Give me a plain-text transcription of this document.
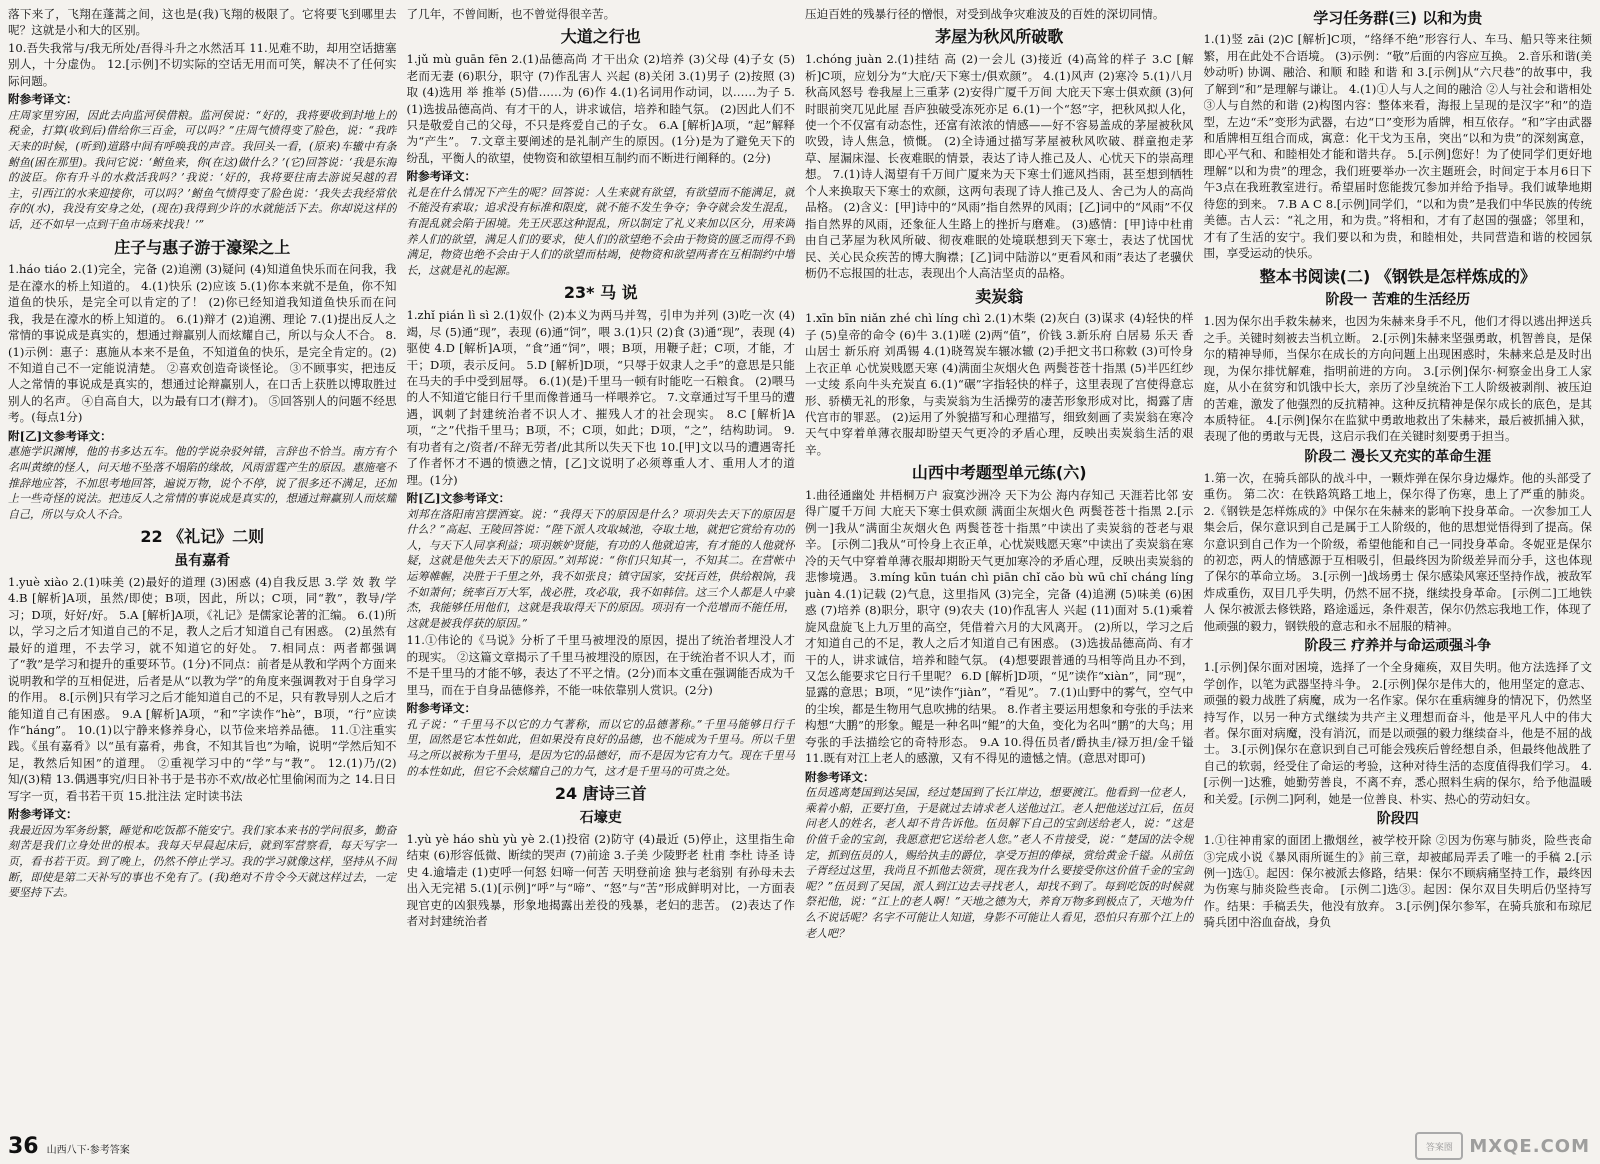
落下来了，飞翔在蓬蒿之间，这也是(我)飞翔的极限了。它将要飞到哪里去呢？这就是小和大的区别。

10.吾失我常与/我无所处/吾得斗升之水然活耳 11.见难不助，却用空话搪塞别人，十分虚伪。 12.[示例]不切实际的空话无用而可笑，解决不了任何实际问题。

附参考译文：

庄周家里穷困，因此去向监河侯借粮。监河侯说：“好的，我将要收到封地上的税金，打算(收到后)借给你三百金，可以吗？”庄周气愤得变了脸色，说：“我昨天来的时候，(听到)道路中间有呼唤我的声音。我回头一看，(原来)车辙中有条鲋鱼(困在那里)。我问它说：‘鲋鱼来，你(在这)做什么？’(它)回答说：‘我是东海的波臣。你有升斗的水救活我吗？’我说：‘好的，我将要往南去游说吴越的君主，引西江的水来迎接你，可以吗？’鲋鱼气愤得变了脸色说：‘我失去我经常依存的(水)，我没有安身之处，(现在)我得到少许的水就能活下去。你却说这样的话，还不如早一点到干鱼市场来找我！’”

庄子与惠子游于濠梁之上

1.háo tiáo 2.(1)完全，完备 (2)追溯 (3)疑问 (4)知道鱼快乐而在问我，我是在濠水的桥上知道的。 4.(1)快乐 (2)应该 5.(1)你本来就不是鱼，你不知道鱼的快乐，是完全可以肯定的了！ (2)你已经知道我知道鱼快乐而在问我，我是在濠水的桥上知道的。 6.(1)辩才 (2)追溯、理论 7.(1)提出反人之常情的事说成是真实的，想通过辩赢别人而炫耀自己，所以与众人不合。 8.(1)示例：惠子：惠施从本来不是鱼，不知道鱼的快乐，是完全肯定的。(2)不知道自己不一定能说清楚。 ②喜欢创造奇谈怪论。 ③不顾事实，把违反人之常情的事说成是真实的，想通过论辩赢别人，在口舌上获胜以博取胜过别人的名声。 ④自高自大，以为最有口才(辩才)。 ⑤回答别人的问题不经思考。(每点1分)

附[乙]文参考译文：

惠施学识渊博，他的书多达五车。他的学说杂驳舛错，言辞也不恰当。南方有个名叫黄缭的怪人，问天地不坠落不塌陷的缘故，风雨雷霆产生的原因。惠施毫不推辞地应答，不加思考地回答，遍说万物，说个不停，说了很多还不满足，还加上一些奇怪的说法。把违反人之常情的事说成是真实的，想通过辩赢别人而炫耀自己，所以与众人不合。

22 《礼记》二则
虽有嘉肴

1.yuè xiào 2.(1)味美 (2)最好的道理 (3)困惑 (4)自我反思 3.学 效 教 学 4.B [解析]A项，虽然/即使；B项，因此，所以；C项，同“教”，教导/学习；D项，好好/好。 5.A [解析]A项，《礼记》是儒家论著的汇编。 6.(1)所以，学习之后才知道自己的不足，教人之后才知道自己有困惑。 (2)虽然有最好的道理，不去学习，就不知道它的好处。 7.相同点：两者都强调了“教”是学习和提升的重要环节。(1分)不同点：前者是从教和学两个方面来说明教和学的互相促进，后者是从“以教为学”的角度来强调教对于自身学习的作用。 8.[示例]只有学习之后才能知道自己的不足，只有教导别人之后才能知道自己有困惑。 9.A [解析]A项，“和”字读作“hè”，B项，“行”应读作“háng”。 10.(1)以宁静来修养身心，以节俭来培养品德。 11.①注重实践。《虽有嘉肴》以“虽有嘉肴，弗食，不知其旨也”为喻，说明“学然后知不足，教然后知困”的道理。 ②重视学习中的“学”与“教”。 12.(1)乃/(2)知/(3)精 13.偶遇事究/归日补书于是书亦不欢/故必忙里偷闲而为之 14.日日写字一页，看书若干页 15.批注法 定时读书法

附参考译文：

我最近因为军务纷繁，睡觉和吃饭都不能安宁。我们家本来书的学问很多，勤奋刻苦是我们立身处世的根本。我每天早晨起床后，就到军营察看，每天写字一页，看书若干页。到了晚上，仍然不停止学习。我的学习就像这样，坚持从不间断，即使是第二天补写的事也不免有了。(我)绝对不肯令今天就这样过去，一定要坚持下去。

了几年，不曾间断，也不曾觉得很辛苦。

大道之行也

1.jǔ mù guān fēn 2.(1)品德高尚 才干出众 (2)培养 (3)父母 (4)子女 (5)老而无妻 (6)职分，职守 (7)作乱害人 兴起 (8)关闭 3.(1)男子 (2)按照 (3)取 (4)选用 举 推举 (5)借……为 (6)作 4.(1)名词用作动词，以……为子 5.(1)选拔品德高尚、有才干的人，讲求诚信，培养和睦气氛。 (2)因此人们不只是敬爱自己的父母，不只是疼爱自己的子女。 6.A [解析]A项，“起”解释为“产生”。 7.文章主要阐述的是礼制产生的原因。(1分)是为了避免天下的纷乱，平衡人的欲望，使物资和欲望相互制约而不断进行阐释的。(2分)

附参考译文：

礼是在什么情况下产生的呢？回答说：人生来就有欲望，有欲望而不能满足，就不能没有索取；追求没有标准和限度，就不能不发生争夺；争夺就会发生混乱，有混乱就会陷于困境。先王厌恶这种混乱，所以制定了礼义来加以区分，用来调养人们的欲望，满足人们的要求，使人们的欲望绝不会由于物资的匮乏而得不到满足，物资也绝不会由于人们的欲望而枯竭，使物资和欲望两者在互相制约中增长，这就是礼的起源。

23* 马 说

1.zhǐ pián lì sì 2.(1)奴仆 (2)本义为两马并驾，引申为并列 (3)吃一次 (4)竭，尽 (5)通“现”，表现 (6)通“饲”，喂 3.(1)只 (2)食 (3)通“现”，表现 (4)驱使 4.D [解析]A项，“食”通“饲”，喂；B项，用鞭子赶；C项，才能，才干；D项，表示反问。 5.D [解析]D项，“只辱于奴隶人之手”的意思是只能在马夫的手中受到屈辱。 6.(1)(是)千里马一顿有时能吃一石粮食。 (2)喂马的人不知道它能日行千里而像普通马一样喂养它。 7.文章通过写千里马的遭遇，讽刺了封建统治者不识人才、摧残人才的社会现实。 8.C [解析]A项，“之”代指千里马；B项，不；C项，如此；D项，“之”，结构助词。 9.有功者有之/资者/不辞无劳者/此其所以失天下也 10.[甲]文以马的遭遇寄托了作者怀才不遇的愤懑之情，[乙]文说明了必须尊重人才、重用人才的道理。(1分)

附[乙]文参考译文：

刘邦在洛阳南宫摆酒宴。说：“我得天下的原因是什么？项羽失去天下的原因是什么？”高起、王陵回答说：“陛下派人攻取城池，夺取土地，就把它赏给有功的人，与天下人同享利益；项羽嫉妒贤能，有功的人他就迫害，有才能的人他就怀疑，这就是他失去天下的原因。”刘邦说：“你们只知其一，不知其二。在营帐中运筹帷幄，决胜于千里之外，我不如张良；镇守国家，安抚百姓，供给粮饷，我不如萧何；统率百万大军，战必胜，攻必取，我不如韩信。这三个人都是人中豪杰，我能够任用他们，这就是我取得天下的原因。项羽有一个范增而不能任用，这就是被我俘获的原因。”

11.①伟论的《马说》分析了千里马被埋没的原因，提出了统治者埋没人才的现实。 ②这篇文章揭示了千里马被埋没的原因，在于统治者不识人才，而不是千里马的才能不够，表达了不平之情。(2分)而本文重在强调能否成为千里马，而在于自身品德修养，不能一味依靠别人赏识。(2分)

附参考译文：

孔子说：“千里马不以它的力气著称，而以它的品德著称。”千里马能够日行千里，固然是它本性如此，但如果没有良好的品德，也不能成为千里马。所以千里马之所以被称为千里马，是因为它的品德好，而不是因为它有力气。现在千里马的本性如此，但它不会炫耀自己的力气，这才是千里马的可贵之处。

24 唐诗三首
石壕吏

1.yù yè háo shù yù yè 2.(1)投宿 (2)防守 (4)最近 (5)停止，这里指生命结束 (6)形容低微、断续的哭声 (7)前途 3.子美 少陵野老 杜甫 李杜 诗圣 诗史 4.逾墙走 (1)吏呼一何怒 妇啼一何苦 天明登前途 独与老翁别 有孙母未去 出入无完裙 5.(1)[示例]“呼”与“啼”、“怒”与“苦”形成鲜明对比，一方面表现官吏的凶狠残暴，形象地揭露出差役的残暴，老妇的悲苦。 (2)表达了作者对封建统治者

压迫百姓的残暴行径的憎恨，对受到战争灾难波及的百姓的深切同情。

茅屋为秋风所破歌

1.chóng juàn 2.(1)挂结 高 (2)一会儿 (3)接近 (4)高耸的样子 3.C [解析]C项，应划分为“大庇/天下寒士/俱欢颜”。 4.(1)风声 (2)寒冷 5.(1)八月秋高风怒号 卷我屋上三重茅 (2)安得广厦千万间 大庇天下寒士俱欢颜 (3)何时眼前突兀见此屋 吾庐独破受冻死亦足 6.(1)一个“怒”字，把秋风拟人化，使一个不仅富有动态性，还富有浓浓的情感——好不容易盖成的茅屋被秋风吹毁，诗人焦急，愤慨。 (2)全诗通过描写茅屋被秋风吹破、群童抱走茅草、屋漏床湿、长夜难眠的情景，表达了诗人推己及人、心忧天下的崇高理想。 7.(1)诗人渴望有千万间广厦来为天下寒士们遮风挡雨，甚至想到牺牲个人来换取天下寒士的欢颜，这两句表现了诗人推己及人、舍己为人的高尚品格。 (2)含义：[甲]诗中的“风雨”指自然界的风雨；[乙]词中的“风雨”不仅指自然界的风雨，还象征人生路上的挫折与磨难。 (3)感情：[甲]诗中杜甫由自己茅屋为秋风所破、彻夜难眠的处境联想到天下寒士，表达了忧国忧民、关心民众疾苦的博大胸襟；[乙]词中陆游以“更看风和雨”表达了老骥伏枥仍不忘报国的壮志，表现出个人高洁坚贞的品格。

卖炭翁

1.xīn bīn niǎn zhé chì líng chì 2.(1)木柴 (2)灰白 (3)谋求 (4)轻快的样子 (5)皇帝的命令 (6)牛 3.(1)嗟 (2)两“值”，价钱 3.新乐府 白居易 乐天 香山居士 新乐府 刘禹锡 4.(1)晓驾炭车辗冰辙 (2)手把文书口称敕 (3)可怜身上衣正单 心忧炭贱愿天寒 (4)满面尘灰烟火色 两鬓苍苍十指黑 (5)半匹红纱一丈绫 系向牛头充炭直 6.(1)“碾”字指轻快的样子，这里表现了宫使得意忘形、骄横无礼的形象，与卖炭翁为生活操劳的凄苦形象形成对比，揭露了唐代宫市的罪恶。 (2)运用了外貌描写和心理描写，细致刻画了卖炭翁在寒冷天气中穿着单薄衣服却盼望天气更冷的矛盾心理，反映出卖炭翁生活的艰辛。

山西中考题型单元练(六)

1.曲径通幽处 井梧桐万户 寂寞沙洲冷 天下为公 海内存知己 天涯若比邻 安得广厦千万间 大庇天下寒士俱欢颜 满面尘灰烟火色 两鬓苍苍十指黑 2.[示例一]我从“满面尘灰烟火色 两鬓苍苍十指黑”中读出了卖炭翁的苍老与艰辛。 [示例二]我从“可怜身上衣正单，心忧炭贱愿天寒”中读出了卖炭翁在寒冷的天气中穿着单薄衣服却期盼天气更加寒冷的矛盾心理，反映出卖炭翁的悲惨境遇。 3.míng kūn tuán chì piān chǐ cǎo bù wū chǐ cháng líng juàn 4.(1)记载 (2)气息，这里指风 (3)完全，完备 (4)追溯 (5)味美 (6)困惑 (7)培养 (8)职分，职守 (9)农夫 (10)作乱害人 兴起 (11)面对 5.(1)乘着旋风盘旋飞上九万里的高空，凭借着六月的大风离开。 (2)所以，学习之后才知道自己的不足，教人之后才知道自己有困惑。 (3)选拔品德高尚、有才干的人，讲求诚信，培养和睦气氛。 (4)想要跟普通的马相等尚且办不到，又怎么能要求它日行千里呢？ 6.D [解析]D项，“见”读作“xiàn”，同“现”，显露的意思；B项，“见”读作“jiàn”，“看见”。 7.(1)山野中的雾气，空气中的尘埃，都是生物用气息吹拂的结果。 8.作者主要运用想象和夸张的手法来构想“大鹏”的形象。鲲是一种名叫“鲲”的大鱼，变化为名叫“鹏”的大鸟；用夸张的手法描绘它的奇特形态。 9.A 10.得伍员者/爵执圭/禄万担/金千镒 11.既有对江上老人的感激，又有不得见的遗憾之情。(意思对即可)

附参考译文：

伍员逃离楚国到达吴国，经过楚国到了长江岸边，想要渡江。他看到一位老人，乘着小船，正要打鱼，于是就过去请求老人送他过江。老人把他送过江后，伍员问老人的姓名，老人却不肯告诉他。伍员解下自己的宝剑送给老人，说：“这是价值千金的宝剑，我愿意把它送给老人您。”老人不肯接受，说：“楚国的法令规定，抓到伍员的人，赐给执圭的爵位，享受万担的俸禄，赏给黄金千镒。从前伍子胥经过这里，我尚且不抓他去领赏，现在我为什么要接受你这价值千金的宝剑呢？”伍员到了吴国，派人到江边去寻找老人，却找不到了。每到吃饭的时候就祭祀他，说：“江上的老人啊！”天地之德为大，养育万物多到极点了，天地为什么不说话呢？名字不可能让人知道，身影不可能让人看见，恐怕只有那个江上的老人吧？

学习任务群(三) 以和为贵

1.(1)竖 zāi (2)C [解析]C项，“络绎不绝”形容行人、车马、船只等来往频繁，用在此处不合语境。 (3)示例：“敬”后面的内容应互换。 2.音乐和谐(美妙动听) 协调、融洽、和顺 和睦 和谐 和 3.[示例]从“六尺巷”的故事中，我了解到“和”是理解与谦让。 4.(1)①人与人之间的融洽 ②人与社会和谐相处 ③人与自然的和谐 (2)构图内容：整体来看，海报上呈现的是汉字“和”的造型，左边“禾”变形为武器，右边“口”变形为盾牌，相互依存。“和”字由武器和盾牌相互组合而成，寓意：化干戈为玉帛，突出“以和为贵”的深刻寓意，即心平气和、和睦相处才能和谐共存。 5.[示例]您好！为了使同学们更好地理解“以和为贵”的理念，我们班要举办一次主题班会，时间定于本月6日下午3点在我班教室进行。希望届时您能拨冗参加并给予指导。我们诚挚地期待您的到来。 7.B A C 8.[示例]同学们，“以和为贵”是我们中华民族的传统美德。古人云：“礼之用，和为贵。”将相和，才有了赵国的强盛；邻里和，才有了生活的安宁。我们要以和为贵，和睦相处，共同营造和谐的校园氛围，享受运动的快乐。

整本书阅读(二) 《钢铁是怎样炼成的》
阶段一 苦难的生活经历

1.因为保尔出手救朱赫来，也因为朱赫来身手不凡，他们才得以逃出押送兵之手。关键时刻被去当机立断。 2.[示例]朱赫来坚强勇敢，机智善良，是保尔的精神导师，当保尔在成长的方向问题上出现困惑时，朱赫来总是及时出现，为保尔排忧解难，指明前进的方向。 3.[示例]保尔·柯察金出身工人家庭，从小在贫穷和饥饿中长大，亲历了沙皇统治下工人阶级被剥削、被压迫的苦难，激发了他强烈的反抗精神。这种反抗精神是保尔成长的底色，是其本质特征。 4.[示例]保尔在监狱中勇敢地救出了朱赫来，最后被抓捕入狱，表现了他的勇敢与无畏，这启示我们在关键时刻要勇于担当。

阶段二 漫长又充实的革命生涯

1.第一次，在骑兵部队的战斗中，一颗炸弹在保尔身边爆炸。他的头部受了重伤。 第二次：在铁路筑路工地上，保尔得了伤寒，患上了严重的肺炎。 2.《钢铁是怎样炼成的》中保尔在朱赫来的影响下投身革命。一次参加工人集会后，保尔意识到自己是属于工人阶级的，他的思想觉悟得到了提高。保尔意识到自己作为一个阶级，希望他能和自己一同投身革命。冬妮亚是保尔的初恋，两人的情感源于互相吸引，但最终因为阶级差异而分手，这也体现了保尔的革命立场。 3.[示例一]战场勇士 保尔感染风寒还坚持作战，被敌军炸成重伤，双目几乎失明，仍然不屈不挠，继续投身革命。 [示例二]工地铁人 保尔被派去修铁路，路途遥远，条件艰苦，保尔仍然忘我地工作，体现了他顽强的毅力，钢铁般的意志和永不屈服的精神。

阶段三 疗养并与命运顽强斗争

1.[示例]保尔面对困境，选择了一个全身瘫痪，双目失明。他方法选择了文学创作，以笔为武器坚持斗争。 2.[示例]保尔是伟大的，他用坚定的意志、顽强的毅力战胜了病魔，成为一名作家。保尔在重病缠身的情况下，仍然坚持写作，以另一种方式继续为共产主义理想而奋斗，他是平凡人中的伟大者。保尔面对病魔，没有消沉，而是以顽强的毅力继续奋斗，他是不屈的战士。 3.[示例]保尔在意识到自己可能会残疾后曾经想自杀，但最终他战胜了自己的软弱，经受住了命运的考验，这种对待生活的态度值得我们学习。 4.[示例一]达雅，她勤劳善良，不离不弃，悉心照料生病的保尔，给予他温暖和关爱。[示例二]阿利，她是一位善良、朴实、热心的劳动妇女。

阶段四

1.①往神甫家的面团上撒烟丝，被学校开除 ②因为伤寒与肺炎，险些丧命 ③完成小说《暴风雨所诞生的》前三章，却被邮局弄丢了唯一的手稿 2.[示例一]选①。起因：保尔被派去修路，结果：保尔不顾病痛坚持工作，最终因为伤寒与肺炎险些丧命。 [示例二]选③。起因：保尔双目失明后仍坚持写作。结果：手稿丢失，他没有放弃。 3.[示例]保尔参军，在骑兵旅和布琼尼骑兵团中浴血奋战，身负

36 山西八下·参考答案	答案圈 MXQE.COM
